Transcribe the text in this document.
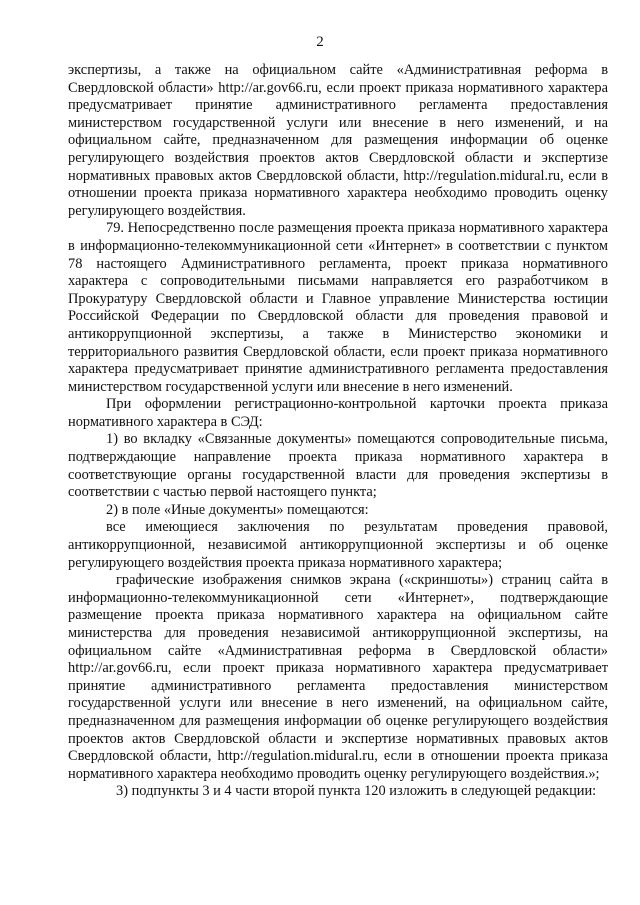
2

экспертизы, а также на официальном сайте «Административная реформа в Свердловской области» http://ar.gov66.ru, если проект приказа нормативного характера предусматривает принятие административного регламента предоставления министерством государственной услуги или внесение в него изменений, и на официальном сайте, предназначенном для размещения информации об оценке регулирующего воздействия проектов актов Свердловской области и экспертизе нормативных правовых актов Свердловской области, http://regulation.midural.ru, если в отношении проекта приказа нормативного характера необходимо проводить оценку регулирующего воздействия.

79. Непосредственно после размещения проекта приказа нормативного характера в информационно-телекоммуникационной сети «Интернет» в соответствии с пунктом 78 настоящего Административного регламента, проект приказа нормативного характера с сопроводительными письмами направляется его разработчиком в Прокуратуру Свердловской области и Главное управление Министерства юстиции Российской Федерации по Свердловской области для проведения правовой и антикоррупционной экспертизы, а также в Министерство экономики и территориального развития Свердловской области, если проект приказа нормативного характера предусматривает принятие административного регламента предоставления министерством государственной услуги или внесение в него изменений.

При оформлении регистрационно-контрольной карточки проекта приказа нормативного характера в СЭД:

1) во вкладку «Связанные документы» помещаются сопроводительные письма, подтверждающие направление проекта приказа нормативного характера в соответствующие органы государственной власти для проведения экспертизы в соответствии с частью первой настоящего пункта;

2) в поле «Иные документы» помещаются:

все имеющиеся заключения по результатам проведения правовой, антикоррупционной, независимой антикоррупционной экспертизы и об оценке регулирующего воздействия проекта приказа нормативного характера;

графические изображения снимков экрана («скриншоты») страниц сайта в информационно-телекоммуникационной сети «Интернет», подтверждающие размещение проекта приказа нормативного характера на официальном сайте министерства для проведения независимой антикоррупционной экспертизы, на официальном сайте «Административная реформа в Свердловской области» http://ar.gov66.ru, если проект приказа нормативного характера предусматривает принятие административного регламента предоставления министерством государственной услуги или внесение в него изменений, на официальном сайте, предназначенном для размещения информации об оценке регулирующего воздействия проектов актов Свердловской области и экспертизе нормативных правовых актов Свердловской области, http://regulation.midural.ru, если в отношении проекта приказа нормативного характера необходимо проводить оценку регулирующего воздействия.»;

3) подпункты 3 и 4 части второй пункта 120 изложить в следующей редакции:
